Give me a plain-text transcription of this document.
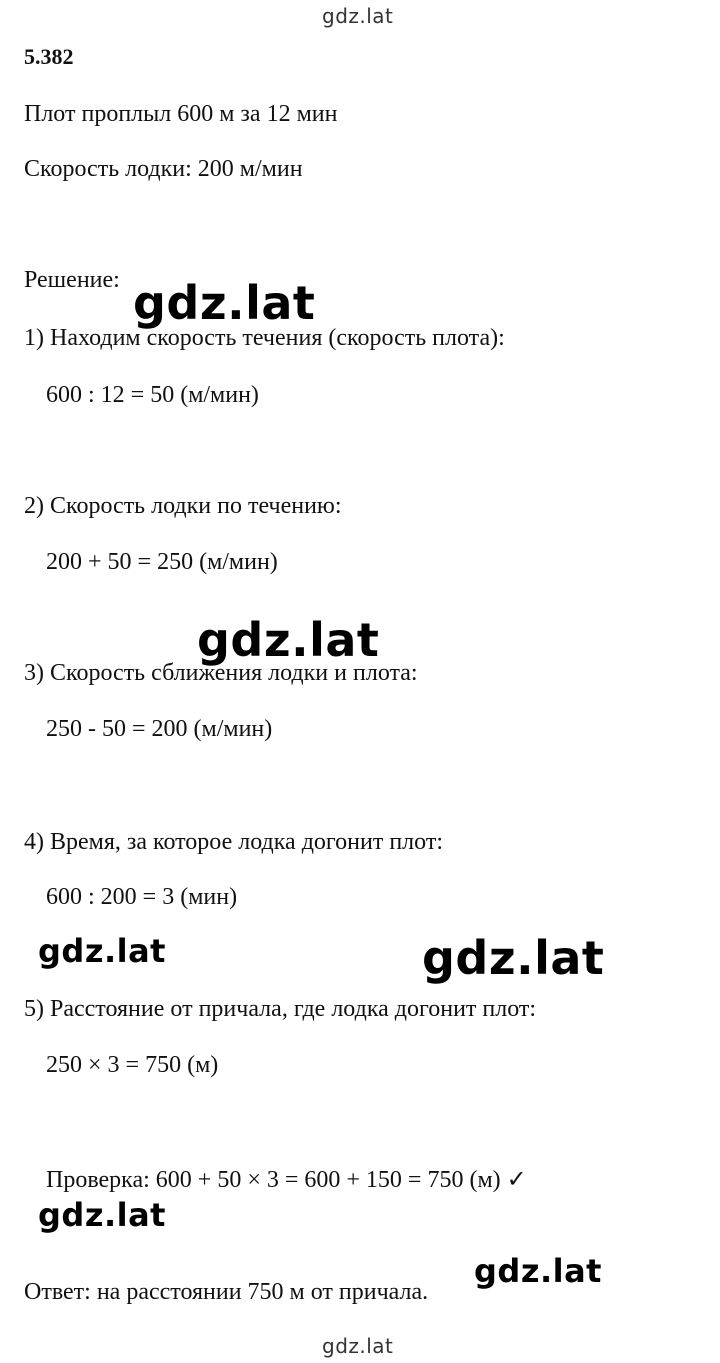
gdz.lat
5.382
Плот проплыл 600 м за 12 мин
Скорость лодки: 200 м/мин
Решение:
1) Находим скорость течения (скорость плота):
600 : 12 = 50 (м/мин)
2) Скорость лодки по течению:
200 + 50 = 250 (м/мин)
3) Скорость сближения лодки и плота:
250 - 50 = 200 (м/мин)
4) Время, за которое лодка догонит плот:
600 : 200 = 3 (мин)
5) Расстояние от причала, где лодка догонит плот:
250 × 3 = 750 (м)
Проверка: 600 + 50 × 3 = 600 + 150 = 750 (м) ✓
Ответ: на расстоянии 750 м от причала.
gdz.lat
gdz.lat
gdz.lat	gdz.lat
gdz.lat
gdz.lat
gdz.lat
